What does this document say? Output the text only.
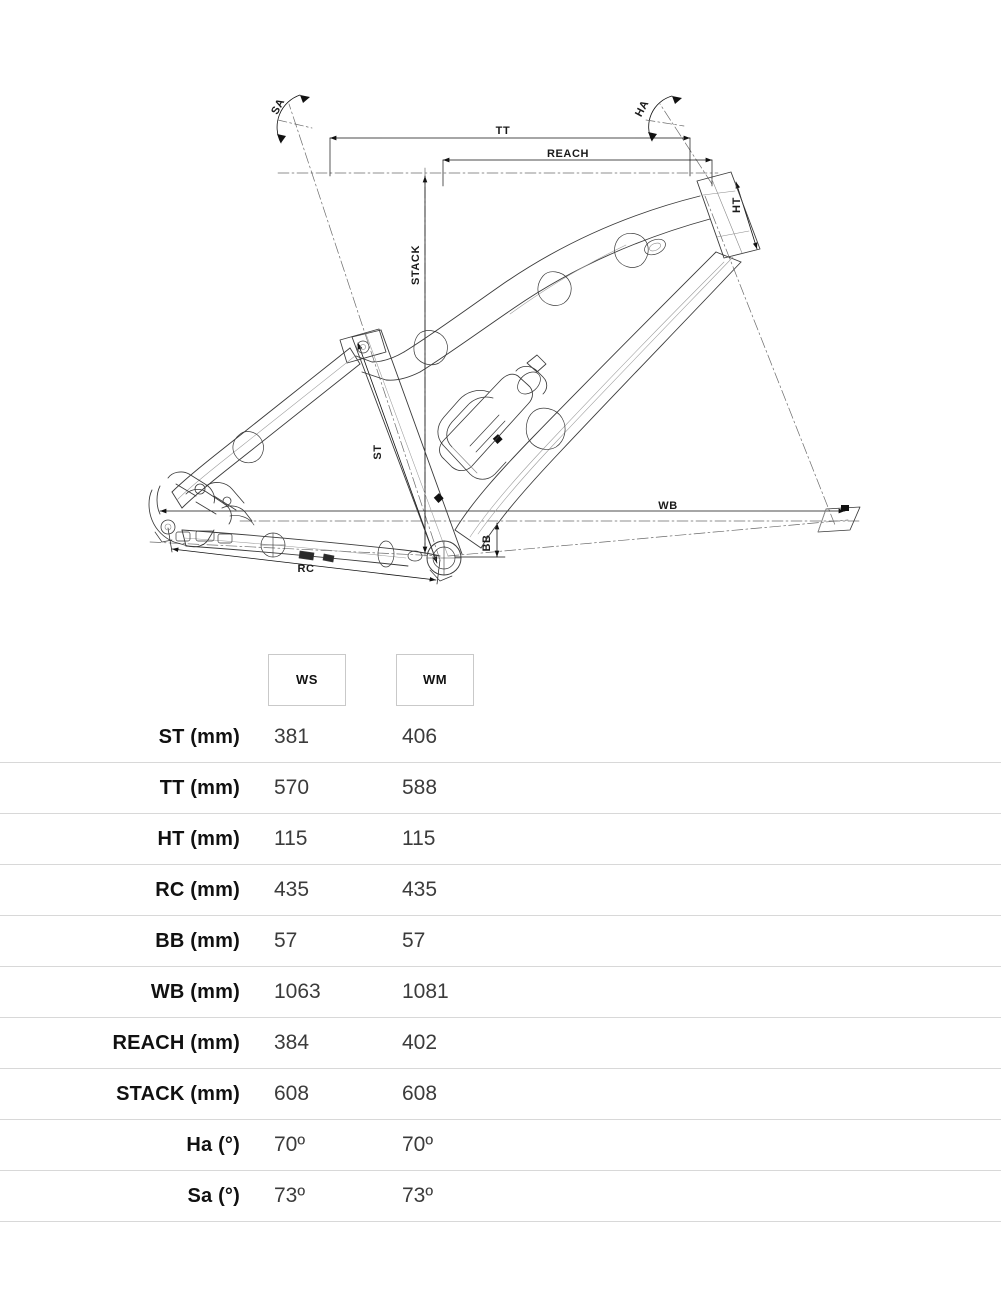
TT
REACH
STACK
HT
ST
WB
BB
RC
SA	HA

	WS	WM	

ST (mm)	381	406	
TT (mm)	570	588	
HT (mm)	115	115	
RC (mm)	435	435	
BB (mm)	57	57	
WB (mm)	1063	1081	
REACH (mm)	384	402	
STACK (mm)	608	608	
Ha (°)	70º	70º	
Sa (°)	73º	73º	
